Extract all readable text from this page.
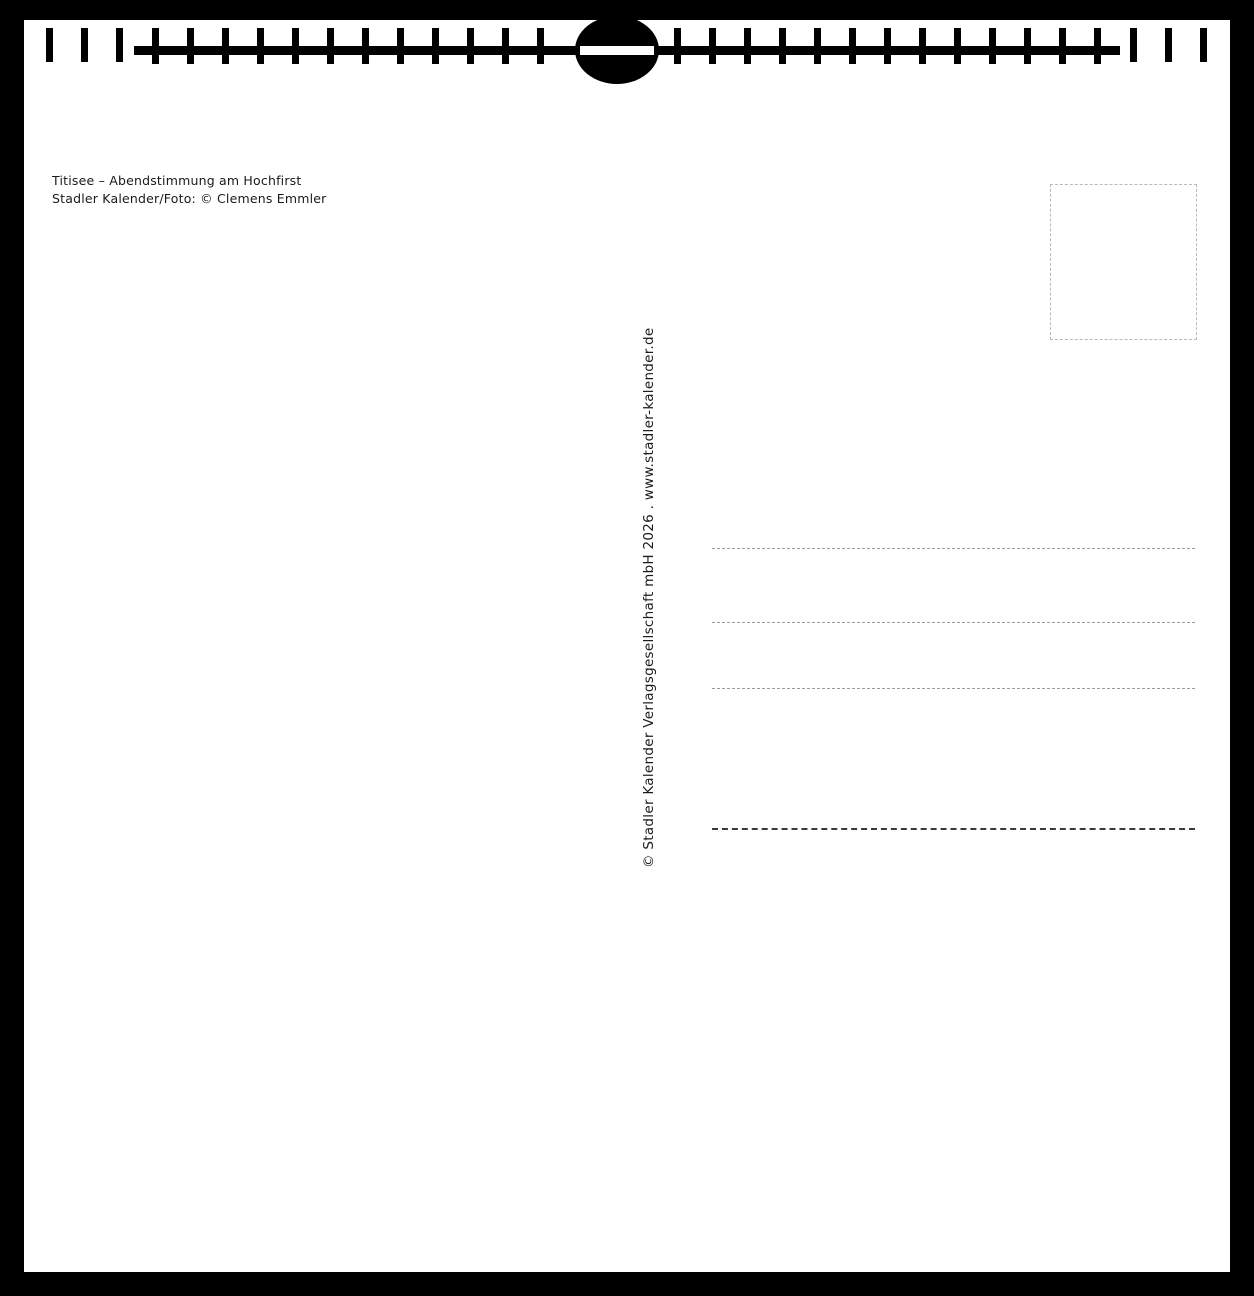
Titisee – Abendstimmung am Hochfirst
Stadler Kalender/Foto: © Clemens Emmler
© Stadler Kalender Verlagsgesellschaft mbH 2026 . www.stadler-kalender.de
